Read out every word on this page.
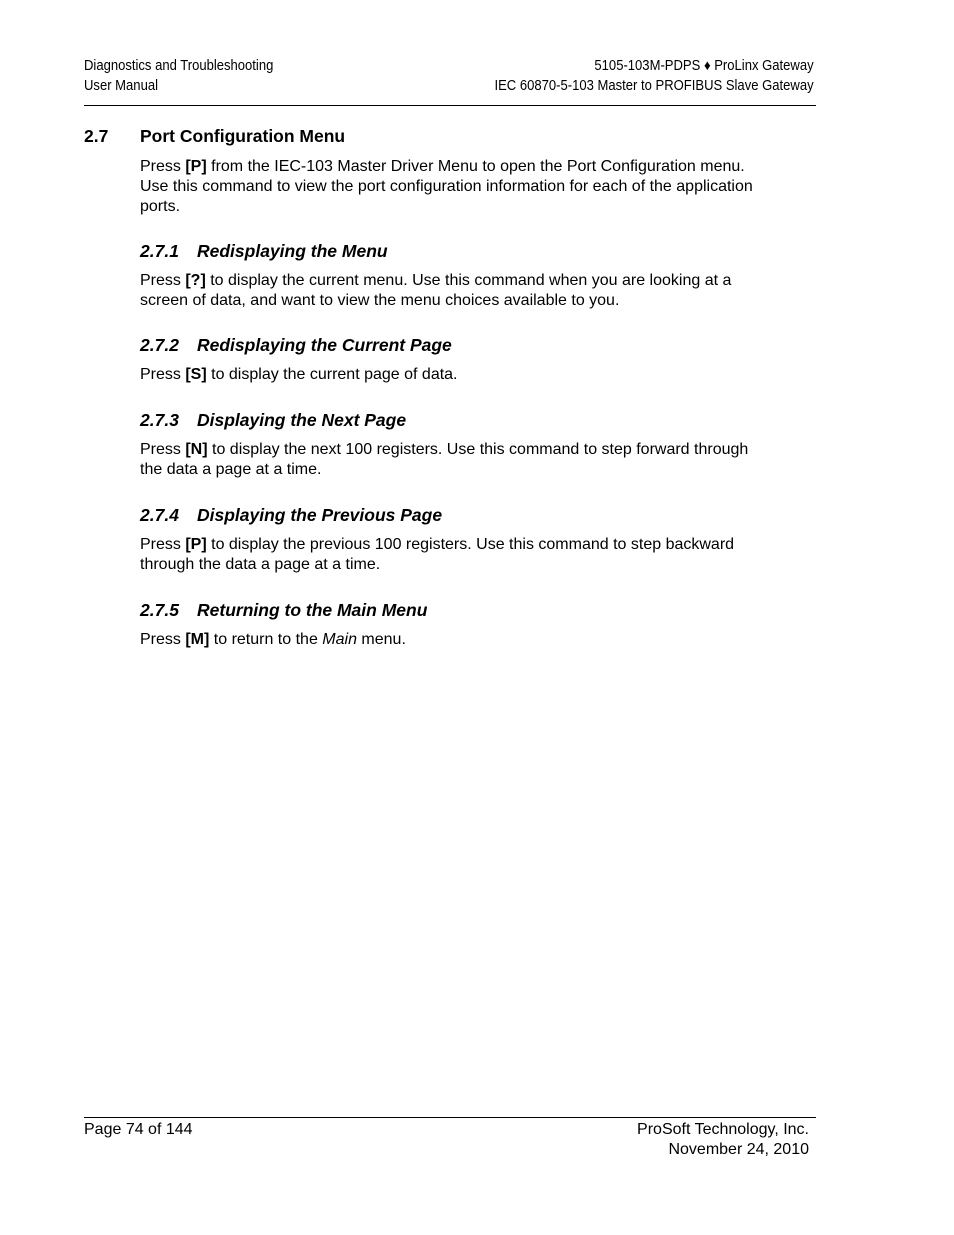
Diagnostics and Troubleshooting
User Manual
5105-103M-PDPS ♦ ProLinx Gateway
IEC 60870-5-103 Master to PROFIBUS Slave Gateway
2.7 Port Configuration Menu

Press [P] from the IEC-103 Master Driver Menu to open the Port Configuration menu. Use this command to view the port configuration information for each of the application ports.

2.7.1 Redisplaying the Menu

Press [?] to display the current menu. Use this command when you are looking at a screen of data, and want to view the menu choices available to you.

2.7.2 Redisplaying the Current Page

Press [S] to display the current page of data.

2.7.3 Displaying the Next Page

Press [N] to display the next 100 registers. Use this command to step forward through the data a page at a time.

2.7.4 Displaying the Previous Page

Press [P] to display the previous 100 registers. Use this command to step backward through the data a page at a time.

2.7.5 Returning to the Main Menu

Press [M] to return to the Main menu.

Page 74 of 144	ProSoft Technology, Inc.
November 24, 2010
